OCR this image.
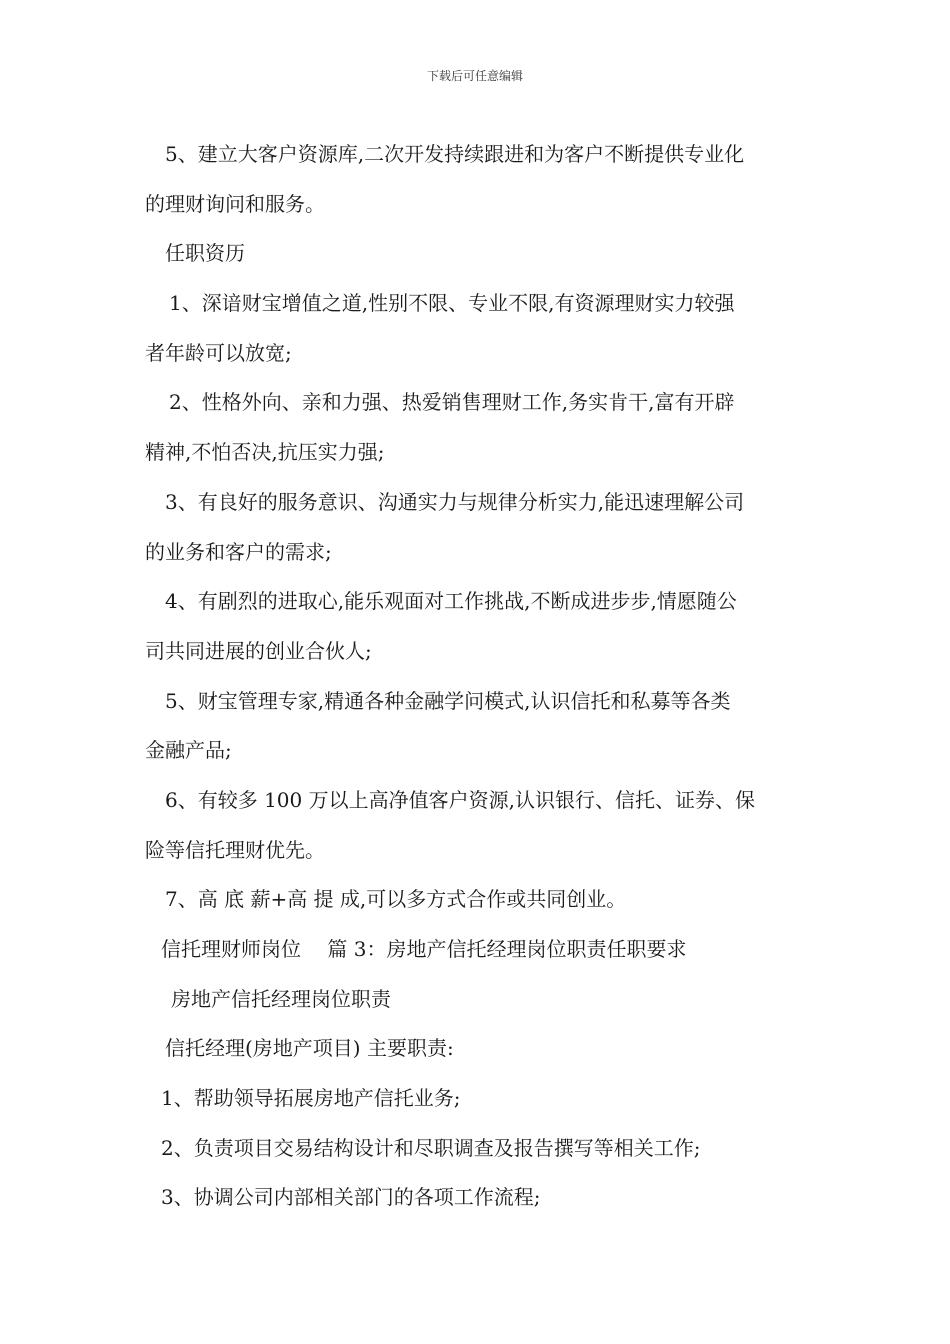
下载后可任意编辑
5、建立大客户资源库,二次开发持续跟进和为客户不断提供专业化
的理财询问和服务。
任职资历
1、深谙财宝增值之道,性别不限、专业不限,有资源理财实力较强
者年龄可以放宽;
2、性格外向、亲和力强、热爱销售理财工作,务实肯干,富有开辟
精神,不怕否决,抗压实力强;
3、有良好的服务意识、沟通实力与规律分析实力,能迅速理解公司
的业务和客户的需求;
4、有剧烈的进取心,能乐观面对工作挑战,不断成进步步,情愿随公
司共同进展的创业合伙人;
5、财宝管理专家,精通各种金融学问模式,认识信托和私募等各类
金融产品;
6、有较多 100 万以上高净值客户资源,认识银行、信托、证券、保
险等信托理财优先。
7、高 底 薪+高 提 成,可以多方式合作或共同创业。
信托理财师岗位　 篇 3：房地产信托经理岗位职责任职要求
房地产信托经理岗位职责
信托经理(房地产项目) 主要职责:
1、帮助领导拓展房地产信托业务;
2、负责项目交易结构设计和尽职调查及报告撰写等相关工作;
3、协调公司内部相关部门的各项工作流程;
